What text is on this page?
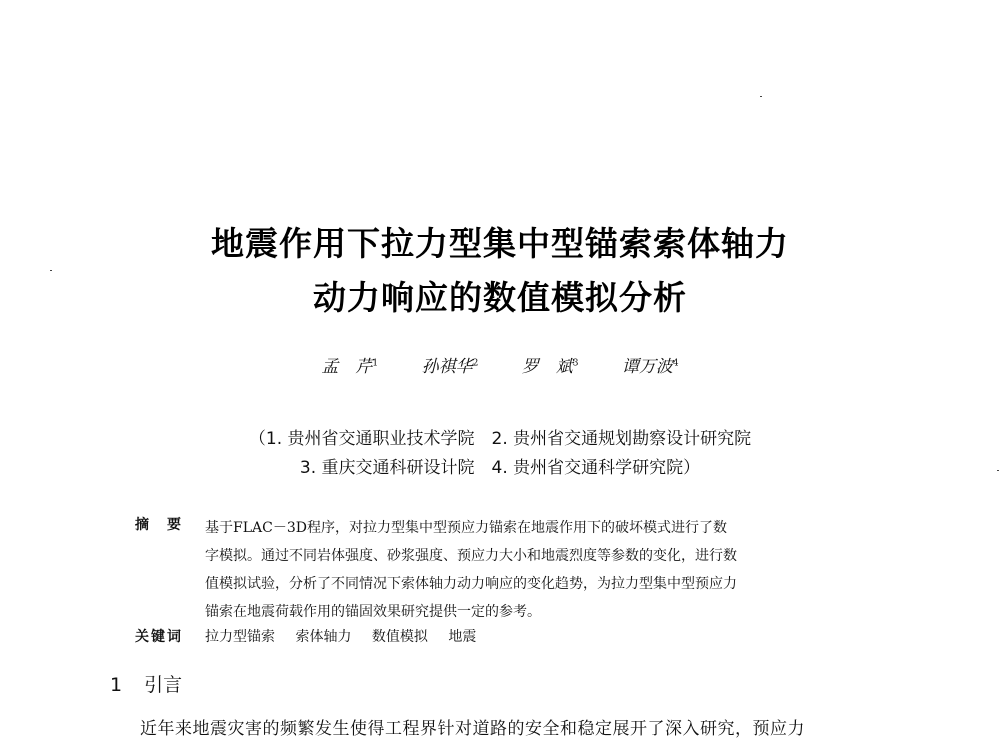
地震作用下拉力型集中型锚索索体轴力
动力响应的数值模拟分析
孟　芹$^1$	孙祺华$^2$	罗　斌$^3$	谭万波$^4$
（1. 贵州省交通职业技术学院　2. 贵州省交通规划勘察设计研究院
3. 重庆交通科研设计院　4. 贵州省交通科学研究院）
摘　要 基于FLAC－3D程序，对拉力型集中型预应力锚索在地震作用下的破坏模式进行了数
字模拟。通过不同岩体强度、砂浆强度、预应力大小和地震烈度等参数的变化，进行数
值模拟试验，分析了不同情况下索体轴力动力响应的变化趋势，为拉力型集中型预应力
锚索在地震荷载作用的锚固效果研究提供一定的参考。
关键词 拉力型锚索 索体轴力 数值模拟 地震
1 引言
近年来地震灾害的频繁发生使得工程界针对道路的安全和稳定展开了深入研究，预应力
